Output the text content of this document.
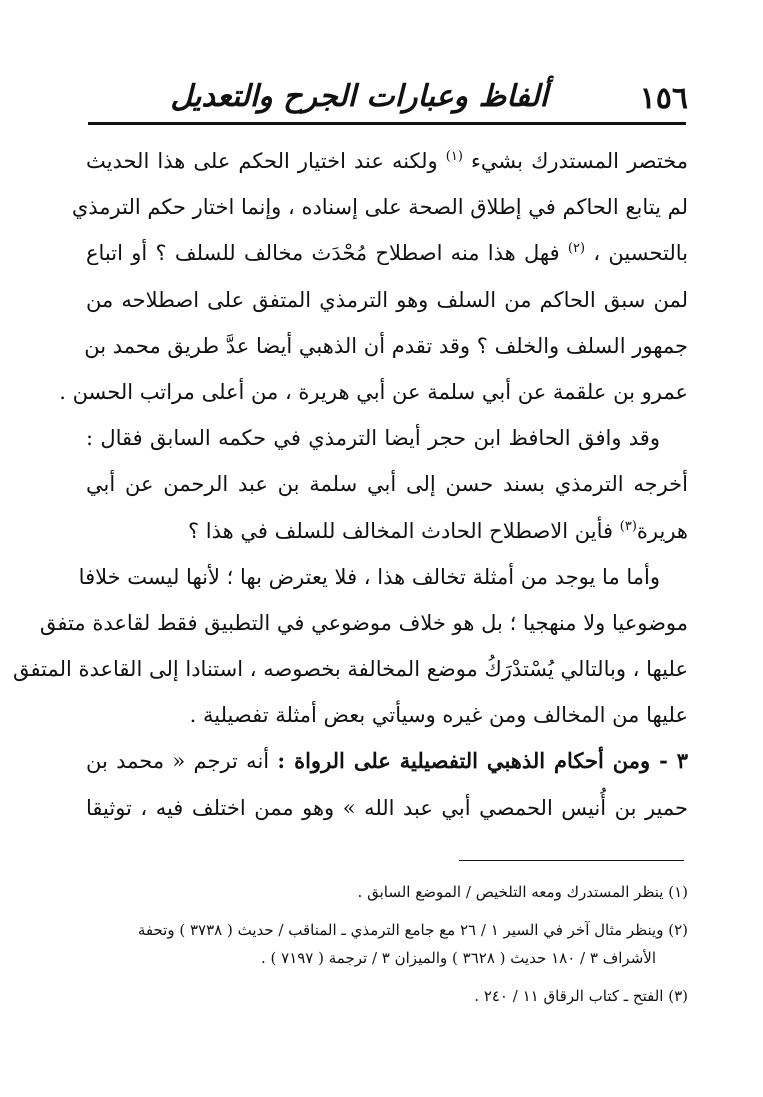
١٥٦
ألفاظ وعبارات الجرح والتعديل
مختصر المستدرك بشيء $^{(١)}$ ولكنه عند اختيار الحكم على هذا الحديث
لم يتابع الحاكم في إطلاق الصحة على إسناده ، وإنما اختار حكم الترمذي
بالتحسين ، $^{(٢)}$ فهل هذا منه اصطلاح مُحْدَث مخالف للسلف ؟ أو اتباع
لمن سبق الحاكم من السلف وهو الترمذي المتفق على اصطلاحه من
جمهور السلف والخلف ؟ وقد تقدم أن الذهبي أيضا عدَّ طريق محمد بن
عمرو بن علقمة عن أبي سلمة عن أبي هريرة ، من أعلى مراتب الحسن .
وقد وافق الحافظ ابن حجر أيضا الترمذي في حكمه السابق فقال :
أخرجه الترمذي بسند حسن إلى أبي سلمة بن عبد الرحمن عن أبي
هريرة$^{(٣)}$ فأين الاصطلاح الحادث المخالف للسلف في هذا ؟
وأما ما يوجد من أمثلة تخالف هذا ، فلا يعترض بها ؛ لأنها ليست خلافا
موضوعيا ولا منهجيا ؛ بل هو خلاف موضوعي في التطبيق فقط لقاعدة متفق
عليها ، وبالتالي يُسْتدْرَكُ موضع المخالفة بخصوصه ، استنادا إلى القاعدة المتفق
عليها من المخالف ومن غيره وسيأتي بعض أمثلة تفصيلية .
٣ - ومن أحكام الذهبي التفصيلية على الرواة : أنه ترجم « محمد بن
حمير بن أُنيس الحمصي أبي عبد الله » وهو ممن اختلف فيه ، توثيقا
(١) ينظر المستدرك ومعه التلخيص / الموضع السابق .
(٢) وينظر مثال آخر في السير ١ / ٢٦ مع جامع الترمذي ـ المناقب / حديث ( ٣٧٣٨ ) وتحفة
الأشراف ٣ / ١٨٠ حديث ( ٣٦٢٨ ) والميزان ٣ / ترجمة ( ٧١٩٧ ) .
(٣) الفتح ـ كتاب الرقاق ١١ / ٢٤٠ .
